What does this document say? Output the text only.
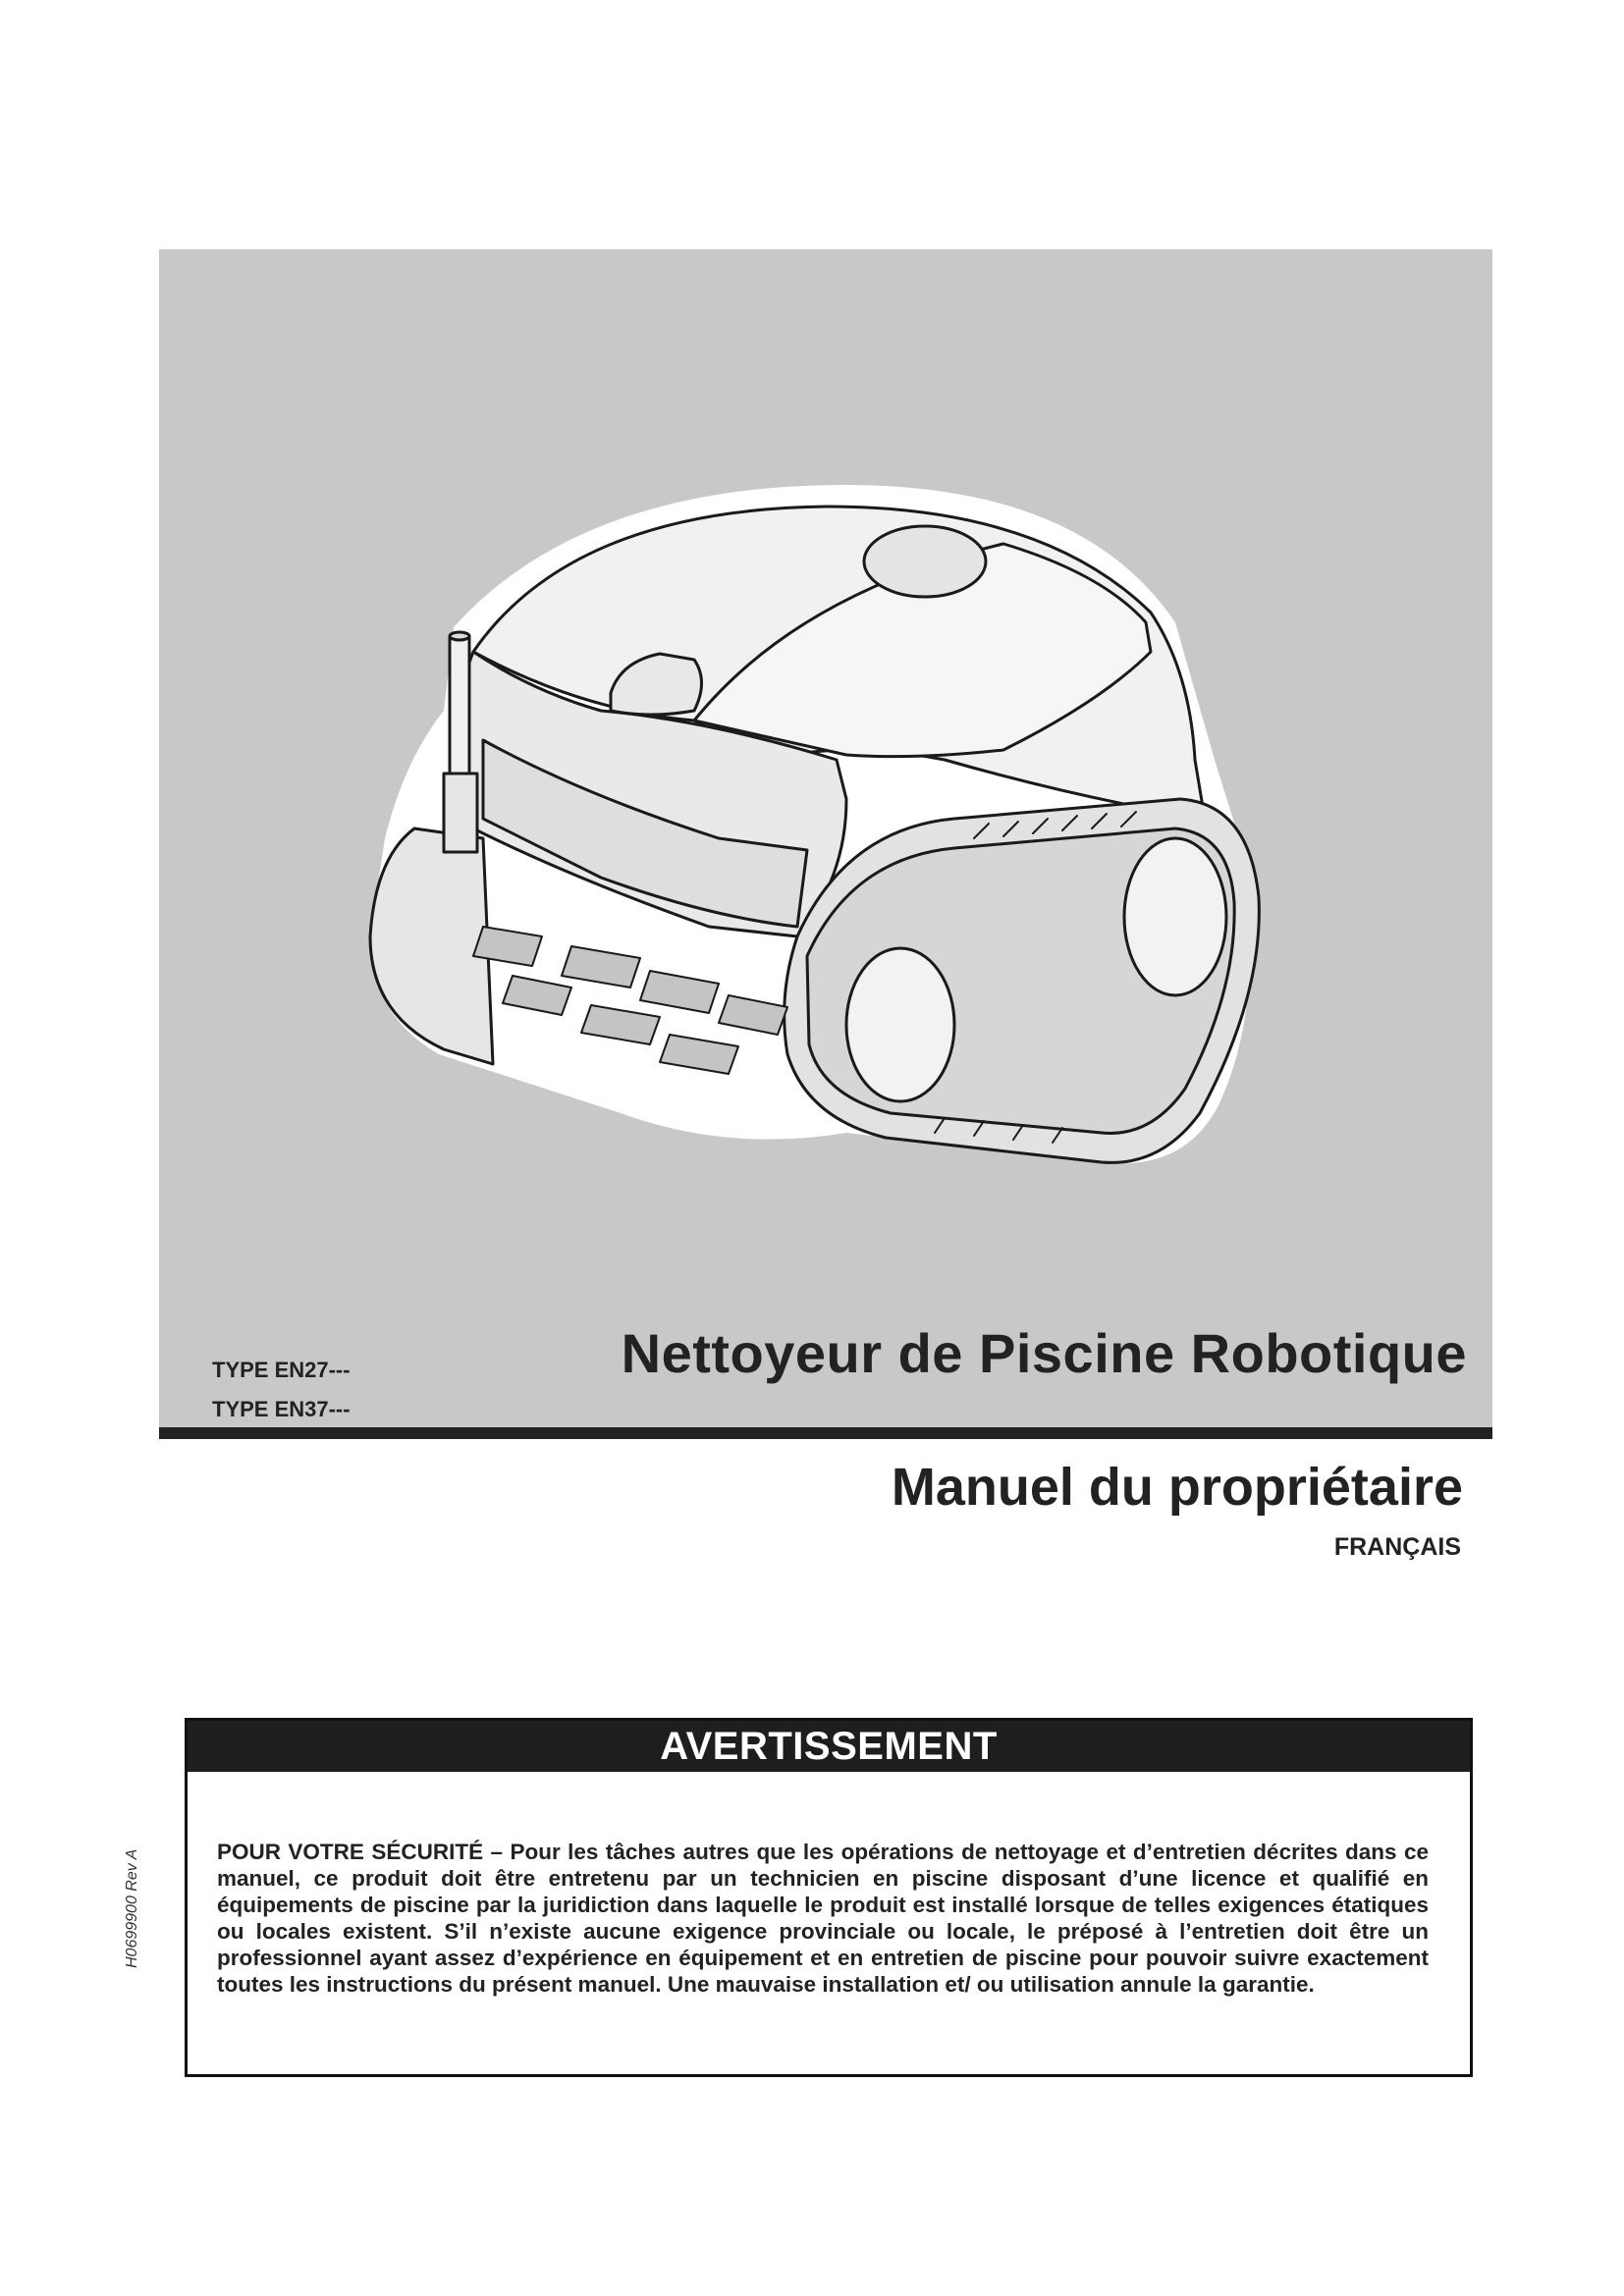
TYPE EN27---
TYPE EN37---
Nettoyeur de Piscine Robotique
Manuel du propriétaire
FRANÇAIS
H0699900 Rev A
AVERTISSEMENT
POUR VOTRE SÉCURITÉ – Pour les tâches autres que les opérations de nettoyage et d’entretien décrites dans ce manuel, ce produit doit être entretenu par un technicien en piscine disposant d’une licence et qualifié en équipements de piscine par la juridiction dans laquelle le produit est installé lorsque de telles exigences étatiques ou locales existent. S’il n’existe aucune exigence provinciale ou locale, le préposé à l’entretien doit être un professionnel ayant assez d’expérience en équipement et en entretien de piscine pour pouvoir suivre exactement toutes les instructions du présent manuel. Une mauvaise installation et/ ou utilisation annule la garantie.
